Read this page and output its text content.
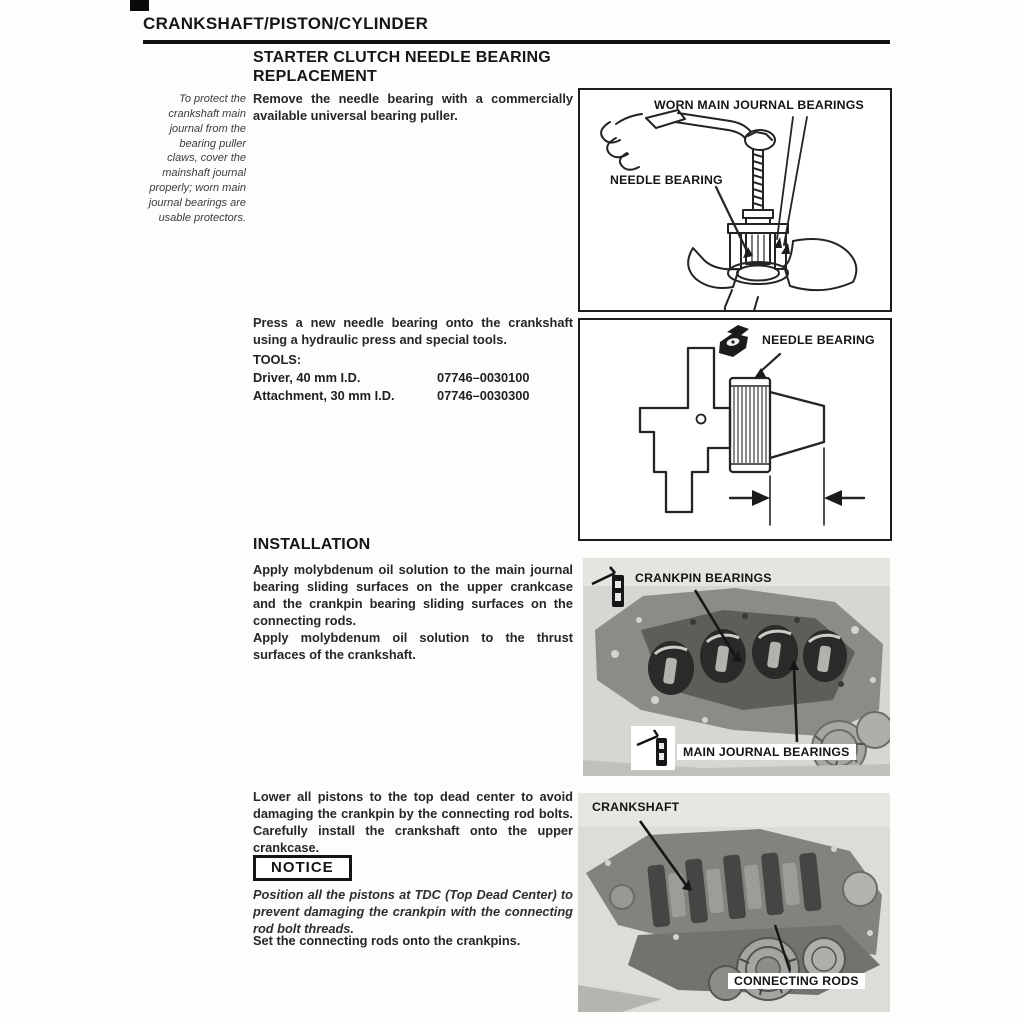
CRANKSHAFT/PISTON/CYLINDER
STARTER CLUTCH NEEDLE BEARING
REPLACEMENT
To protect the crankshaft main journal from the bearing puller claws, cover the mainshaft journal properly; worn main journal bearings are usable protectors.
Remove the needle bearing with a commercially available universal bearing puller.
WORN MAIN JOURNAL BEARINGS
NEEDLE BEARING
Press a new needle bearing onto the crankshaft using a hydraulic press and special tools.
TOOLS:
Driver, 40 mm I.D.	07746–0030100
Attachment, 30 mm I.D.	07746–0030300
NEEDLE BEARING
INSTALLATION
Apply molybdenum oil solution to the main journal bearing sliding surfaces on the upper crankcase and the crankpin bearing sliding surfaces on the connecting rods.
Apply molybdenum oil solution to the thrust surfaces of the crankshaft.
CRANKPIN BEARINGS
MAIN JOURNAL BEARINGS
Lower all pistons to the top dead center to avoid damaging the crankpin by the connecting rod bolts. Carefully install the crankshaft onto the upper crankcase.
NOTICE
Position all the pistons at TDC (Top Dead Center) to prevent damaging the crankpin with the connecting rod bolt threads.
Set the connecting rods onto the crankpins.
CRANKSHAFT
CONNECTING RODS
